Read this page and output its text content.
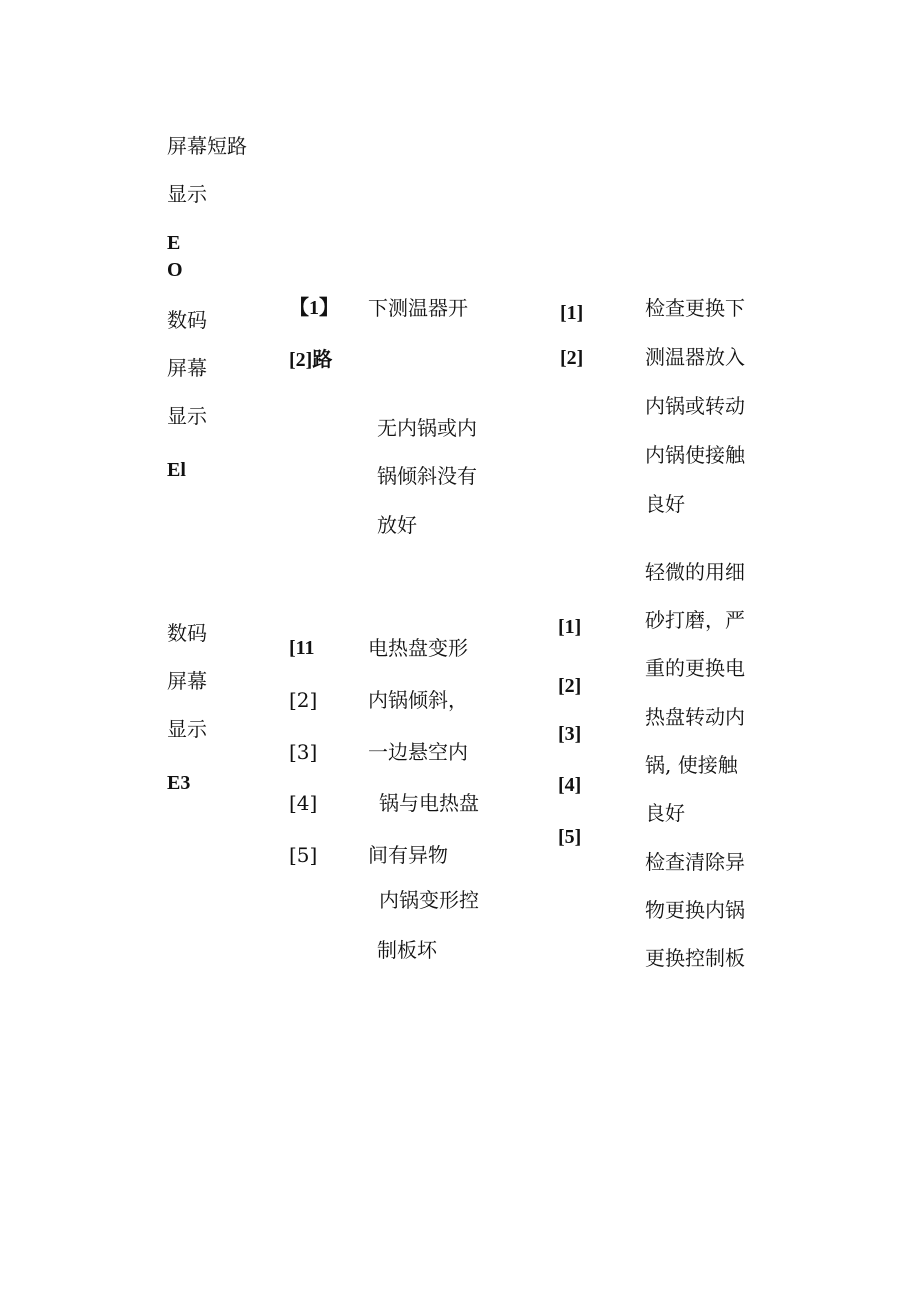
屏幕短路
显示
E
O
数码
屏幕
显示
El
【1】
[2]路
下测温器开
无内锅或内
锅倾斜没有
放好
[1]
[2]
检查更换下
测温器放入
内锅或转动
内锅使接触
良好
数码
屏幕
显示
E3
[11
[2]
[3]
[4]
[5]
电热盘变形
内锅倾斜，
一边悬空内
锅与电热盘
间有异物
内锅变形控
制板坏
[1]
[2]
[3]
[4]
[5]
轻微的用细
砂打磨，严
重的更换电
热盘转动内
锅, 使接触
良好
检查清除异
物更换内锅
更换控制板
